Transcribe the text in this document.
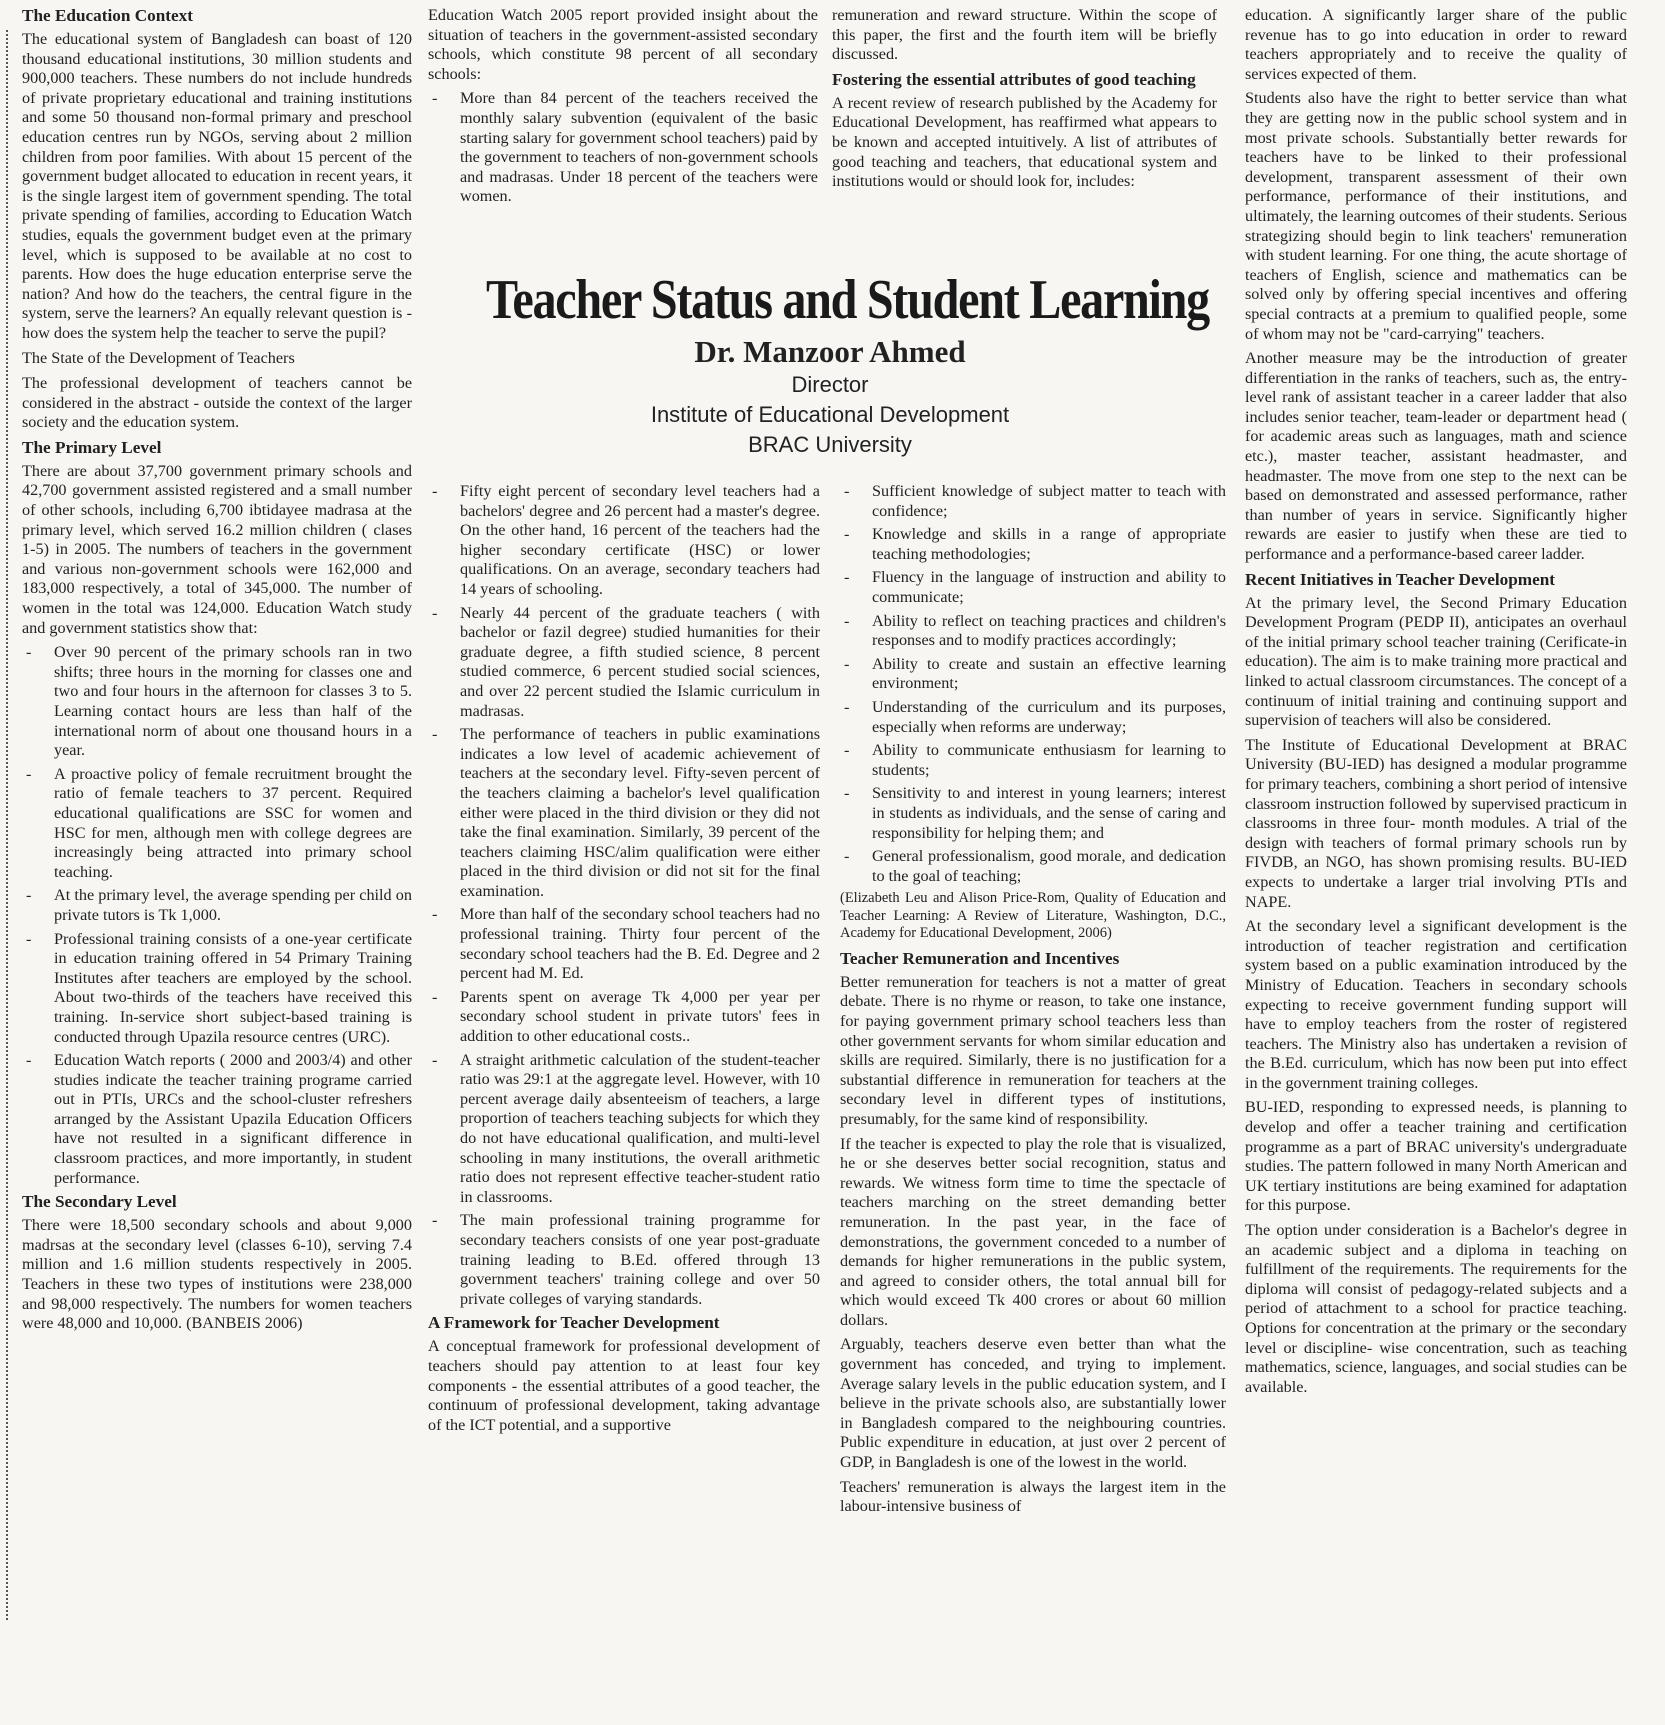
The Education Context

The educational system of Bangladesh can boast of 120 thousand educational institutions, 30 million students and 900,000 teachers. These numbers do not include hundreds of private proprietary educational and training institutions and some 50 thousand non-formal primary and preschool education centres run by NGOs, serving about 2 million children from poor families. With about 15 percent of the government budget allocated to education in recent years, it is the single largest item of government spending. The total private spending of families, according to Education Watch studies, equals the government budget even at the primary level, which is supposed to be available at no cost to parents. How does the huge education enterprise serve the nation? And how do the teachers, the central figure in the system, serve the learners? An equally relevant question is - how does the system help the teacher to serve the pupil?

The State of the Development of Teachers

The professional development of teachers cannot be considered in the abstract - outside the context of the larger society and the education system.

The Primary Level

There are about 37,700 government primary schools and 42,700 government assisted registered and a small number of other schools, including 6,700 ibtidayee madrasa at the primary level, which served 16.2 million children ( clases 1-5) in 2005. The numbers of teachers in the government and various non-government schools were 162,000 and 183,000 respectively, a total of 345,000. The number of women in the total was 124,000. Education Watch study and government statistics show that:

- Over 90 percent of the primary schools ran in two shifts; three hours in the morning for classes one and two and four hours in the afternoon for classes 3 to 5. Learning contact hours are less than half of the international norm of about one thousand hours in a year.
- A proactive policy of female recruitment brought the ratio of female teachers to 37 percent. Required educational qualifications are SSC for women and HSC for men, although men with college degrees are increasingly being attracted into primary school teaching.
- At the primary level, the average spending per child on private tutors is Tk 1,000.
- Professional training consists of a one-year certificate in education training offered in 54 Primary Training Institutes after teachers are employed by the school. About two-thirds of the teachers have received this training. In-service short subject-based training is conducted through Upazila resource centres (URC).
- Education Watch reports ( 2000 and 2003/4) and other studies indicate the teacher training programe carried out in PTIs, URCs and the school-cluster refreshers arranged by the Assistant Upazila Education Officers have not resulted in a significant difference in classroom practices, and more importantly, in student performance.
The Secondary Level

There were 18,500 secondary schools and about 9,000 madrsas at the secondary level (classes 6-10), serving 7.4 million and 1.6 million students respectively in 2005. Teachers in these two types of institutions were 238,000 and 98,000 respectively. The numbers for women teachers were 48,000 and 10,000. (BANBEIS 2006)

Education Watch 2005 report provided insight about the situation of teachers in the government-assisted secondary schools, which constitute 98 percent of all secondary schools:

- More than 84 percent of the teachers received the monthly salary subvention (equivalent of the basic starting salary for government school teachers) paid by the government to teachers of non-government schools and madrasas. Under 18 percent of the teachers were women.

remuneration and reward structure. Within the scope of this paper, the first and the fourth item will be briefly discussed.

Fostering the essential attributes of good teaching

A recent review of research published by the Academy for Educational Development, has reaffirmed what appears to be known and accepted intuitively. A list of attributes of good teaching and teachers, that educational system and institutions would or should look for, includes:

Teacher Status and Student Learning
Dr. Manzoor Ahmed
Director
Institute of Educational Development
BRAC University
- Fifty eight percent of secondary level teachers had a bachelors' degree and 26 percent had a master's degree. On the other hand, 16 percent of the teachers had the higher secondary certificate (HSC) or lower qualifications. On an average, secondary teachers had 14 years of schooling.
- Nearly 44 percent of the graduate teachers ( with bachelor or fazil degree) studied humanities for their graduate degree, a fifth studied science, 8 percent studied commerce, 6 percent studied social sciences, and over 22 percent studied the Islamic curriculum in madrasas.
- The performance of teachers in public examinations indicates a low level of academic achievement of teachers at the secondary level. Fifty-seven percent of the teachers claiming a bachelor's level qualification either were placed in the third division or they did not take the final examination. Similarly, 39 percent of the teachers claiming HSC/alim qualification were either placed in the third division or did not sit for the final examination.
- More than half of the secondary school teachers had no professional training. Thirty four percent of the secondary school teachers had the B. Ed. Degree and 2 percent had M. Ed.
- Parents spent on average Tk 4,000 per year per secondary school student in private tutors' fees in addition to other educational costs..
- A straight arithmetic calculation of the student-teacher ratio was 29:1 at the aggregate level. However, with 10 percent average daily absenteeism of teachers, a large proportion of teachers teaching subjects for which they do not have educational qualification, and multi-level schooling in many institutions, the overall arithmetic ratio does not represent effective teacher-student ratio in classrooms.
- The main professional training programme for secondary teachers consists of one year post-graduate training leading to B.Ed. offered through 13 government teachers' training college and over 50 private colleges of varying standards.
A Framework for Teacher Development

A conceptual framework for professional development of teachers should pay attention to at least four key components - the essential attributes of a good teacher, the continuum of professional development, taking advantage of the ICT potential, and a supportive

- Sufficient knowledge of subject matter to teach with confidence;
- Knowledge and skills in a range of appropriate teaching methodologies;
- Fluency in the language of instruction and ability to communicate;
- Ability to reflect on teaching practices and children's responses and to modify practices accordingly;
- Ability to create and sustain an effective learning environment;
- Understanding of the curriculum and its purposes, especially when reforms are underway;
- Ability to communicate enthusiasm for learning to students;
- Sensitivity to and interest in young learners; interest in students as individuals, and the sense of caring and responsibility for helping them; and
- General professionalism, good morale, and dedication to the goal of teaching;

(Elizabeth Leu and Alison Price-Rom, Quality of Education and Teacher Learning: A Review of Literature, Washington, D.C., Academy for Educational Development, 2006)

Teacher Remuneration and Incentives

Better remuneration for teachers is not a matter of great debate. There is no rhyme or reason, to take one instance, for paying government primary school teachers less than other government servants for whom similar education and skills are required. Similarly, there is no justification for a substantial difference in remuneration for teachers at the secondary level in different types of institutions, presumably, for the same kind of responsibility.

If the teacher is expected to play the role that is visualized, he or she deserves better social recognition, status and rewards. We witness form time to time the spectacle of teachers marching on the street demanding better remuneration. In the past year, in the face of demonstrations, the government conceded to a number of demands for higher remunerations in the public system, and agreed to consider others, the total annual bill for which would exceed Tk 400 crores or about 60 million dollars.

Arguably, teachers deserve even better than what the government has conceded, and trying to implement. Average salary levels in the public education system, and I believe in the private schools also, are substantially lower in Bangladesh compared to the neighbouring countries. Public expenditure in education, at just over 2 percent of GDP, in Bangladesh is one of the lowest in the world.

Teachers' remuneration is always the largest item in the labour-intensive business of

education. A significantly larger share of the public revenue has to go into education in order to reward teachers appropriately and to receive the quality of services expected of them.

Students also have the right to better service than what they are getting now in the public school system and in most private schools. Substantially better rewards for teachers have to be linked to their professional development, transparent assessment of their own performance, performance of their institutions, and ultimately, the learning outcomes of their students. Serious strategizing should begin to link teachers' remuneration with student learning. For one thing, the acute shortage of teachers of English, science and mathematics can be solved only by offering special incentives and offering special contracts at a premium to qualified people, some of whom may not be "card-carrying" teachers.

Another measure may be the introduction of greater differentiation in the ranks of teachers, such as, the entry-level rank of assistant teacher in a career ladder that also includes senior teacher, team-leader or department head ( for academic areas such as languages, math and science etc.), master teacher, assistant headmaster, and headmaster. The move from one step to the next can be based on demonstrated and assessed performance, rather than number of years in service. Significantly higher rewards are easier to justify when these are tied to performance and a performance-based career ladder.

Recent Initiatives in Teacher Development

At the primary level, the Second Primary Education Development Program (PEDP II), anticipates an overhaul of the initial primary school teacher training (Cerificate-in education). The aim is to make training more practical and linked to actual classroom circumstances. The concept of a continuum of initial training and continuing support and supervision of teachers will also be considered.

The Institute of Educational Development at BRAC University (BU-IED) has designed a modular programme for primary teachers, combining a short period of intensive classroom instruction followed by supervised practicum in classrooms in three four- month modules. A trial of the design with teachers of formal primary schools run by FIVDB, an NGO, has shown promising results. BU-IED expects to undertake a larger trial involving PTIs and NAPE.

At the secondary level a significant development is the introduction of teacher registration and certification system based on a public examination introduced by the Ministry of Education. Teachers in secondary schools expecting to receive government funding support will have to employ teachers from the roster of registered teachers. The Ministry also has undertaken a revision of the B.Ed. curriculum, which has now been put into effect in the government training colleges.

BU-IED, responding to expressed needs, is planning to develop and offer a teacher training and certification programme as a part of BRAC university's undergraduate studies. The pattern followed in many North American and UK tertiary institutions are being examined for adaptation for this purpose.

The option under consideration is a Bachelor's degree in an academic subject and a diploma in teaching on fulfillment of the requirements. The requirements for the diploma will consist of pedagogy-related subjects and a period of attachment to a school for practice teaching. Options for concentration at the primary or the secondary level or discipline- wise concentration, such as teaching mathematics, science, languages, and social studies can be available.
